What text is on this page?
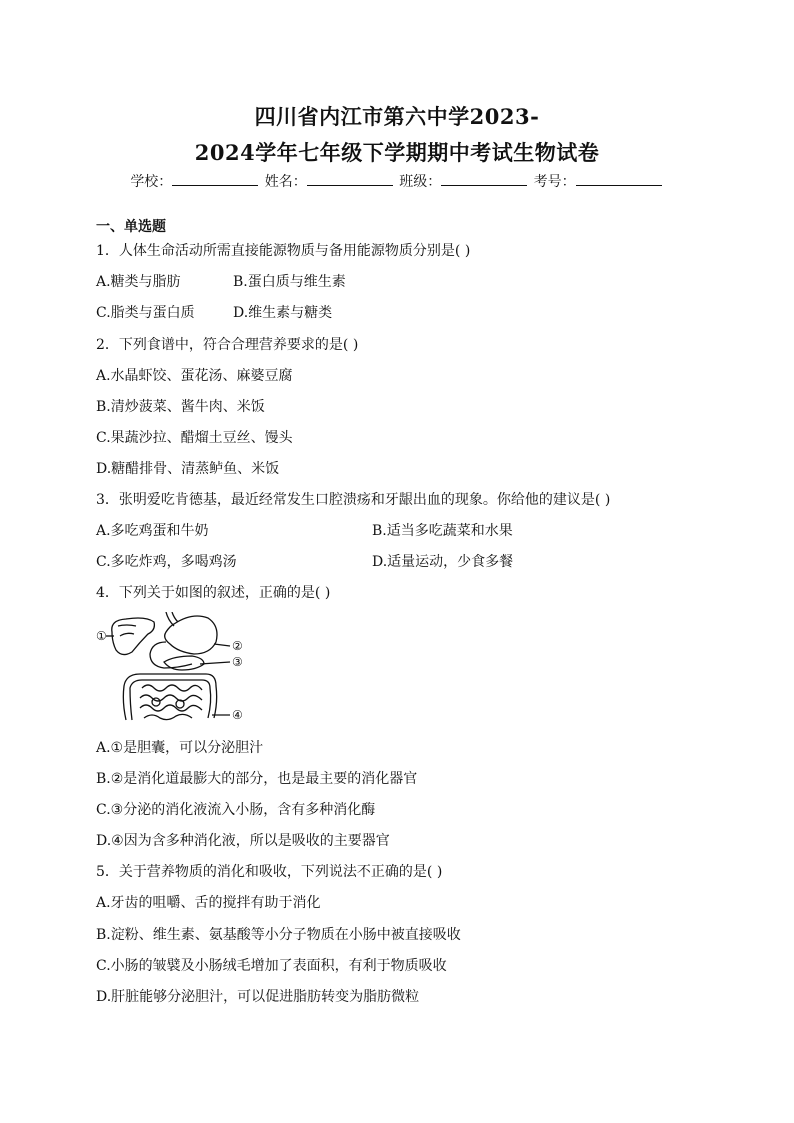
四川省内江市第六中学2023-
2024学年七年级下学期期中考试生物试卷
学校：	姓名：	班级：	考号：
一、单选题
1．人体生命活动所需直接能源物质与备用能源物质分别是( )
A.糖类与脂肪	B.蛋白质与维生素
C.脂类与蛋白质	D.维生素与糖类
2．下列食谱中，符合合理营养要求的是( )
A.水晶虾饺、蛋花汤、麻婆豆腐
B.清炒菠菜、酱牛肉、米饭
C.果蔬沙拉、醋熘土豆丝、馒头
D.糖醋排骨、清蒸鲈鱼、米饭
3．张明爱吃肯德基，最近经常发生口腔溃疡和牙龈出血的现象。你给他的建议是( )
A.多吃鸡蛋和牛奶	B.适当多吃蔬菜和水果
C.多吃炸鸡，多喝鸡汤	D.适量运动，少食多餐
4．下列关于如图的叙述，正确的是( )
①
②
③
④
A.①是胆囊，可以分泌胆汁
B.②是消化道最膨大的部分，也是最主要的消化器官
C.③分泌的消化液流入小肠，含有多种消化酶
D.④因为含多种消化液，所以是吸收的主要器官
5．关于营养物质的消化和吸收，下列说法不正确的是( )
A.牙齿的咀嚼、舌的搅拌有助于消化
B.淀粉、维生素、氨基酸等小分子物质在小肠中被直接吸收
C.小肠的皱襞及小肠绒毛增加了表面积，有利于物质吸收
D.肝脏能够分泌胆汁，可以促进脂肪转变为脂肪微粒
